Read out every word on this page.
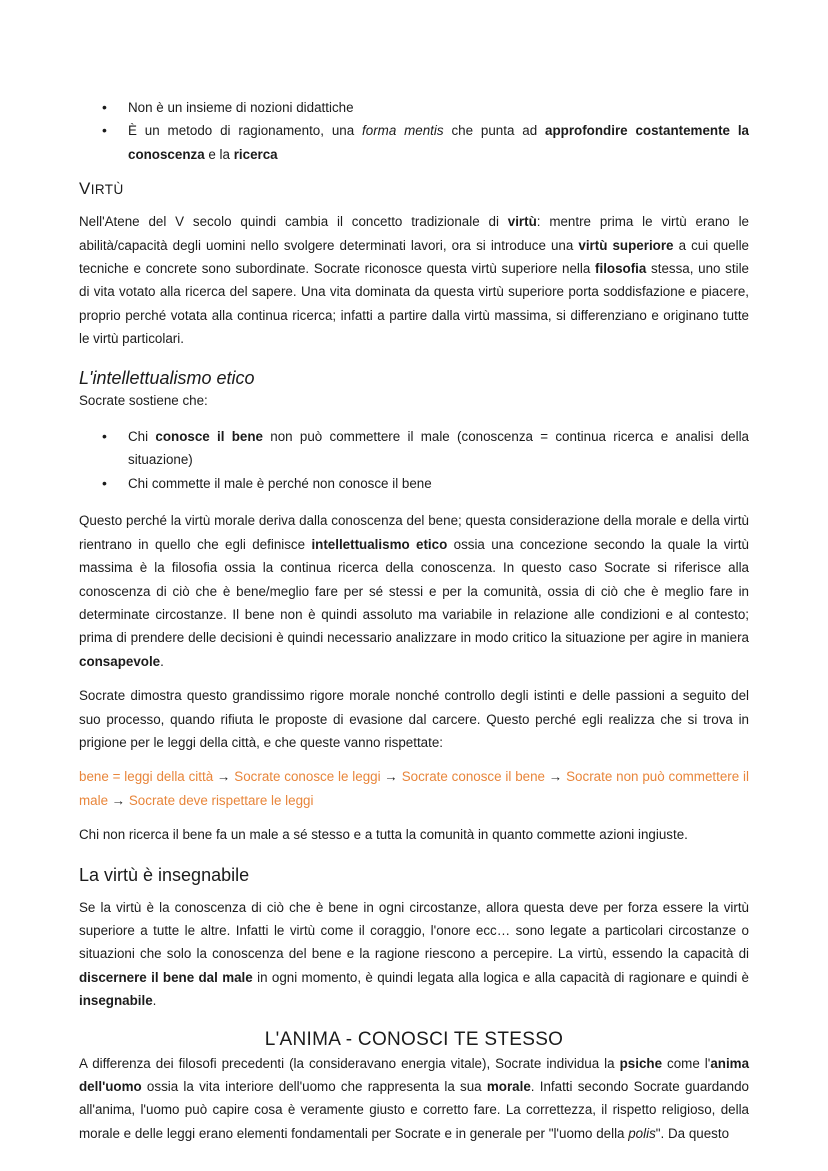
• Non è un insieme di nozioni didattiche
• È un metodo di ragionamento, una forma mentis che punta ad approfondire costantemente la conoscenza e la ricerca
VIRTÙ

Nell'Atene del V secolo quindi cambia il concetto tradizionale di virtù: mentre prima le virtù erano le abilità/capacità degli uomini nello svolgere determinati lavori, ora si introduce una virtù superiore a cui quelle tecniche e concrete sono subordinate. Socrate riconosce questa virtù superiore nella filosofia stessa, uno stile di vita votato alla ricerca del sapere. Una vita dominata da questa virtù superiore porta soddisfazione e piacere, proprio perché votata alla continua ricerca; infatti a partire dalla virtù massima, si differenziano e originano tutte le virtù particolari.

L'intellettualismo etico

Socrate sostiene che:

• Chi conosce il bene non può commettere il male (conoscenza = continua ricerca e analisi della situazione)
• Chi commette il male è perché non conosce il bene

Questo perché la virtù morale deriva dalla conoscenza del bene; questa considerazione della morale e della virtù rientrano in quello che egli definisce intellettualismo etico ossia una concezione secondo la quale la virtù massima è la filosofia ossia la continua ricerca della conoscenza. In questo caso Socrate si riferisce alla conoscenza di ciò che è bene/meglio fare per sé stessi e per la comunità, ossia di ciò che è meglio fare in determinate circostanze. Il bene non è quindi assoluto ma variabile in relazione alle condizioni e al contesto; prima di prendere delle decisioni è quindi necessario analizzare in modo critico la situazione per agire in maniera consapevole.

Socrate dimostra questo grandissimo rigore morale nonché controllo degli istinti e delle passioni a seguito del suo processo, quando rifiuta le proposte di evasione dal carcere. Questo perché egli realizza che si trova in prigione per le leggi della città, e che queste vanno rispettate:

bene = leggi della città → Socrate conosce le leggi → Socrate conosce il bene → Socrate non può commettere il male → Socrate deve rispettare le leggi

Chi non ricerca il bene fa un male a sé stesso e a tutta la comunità in quanto commette azioni ingiuste.

La virtù è insegnabile

Se la virtù è la conoscenza di ciò che è bene in ogni circostanze, allora questa deve per forza essere la virtù superiore a tutte le altre. Infatti le virtù come il coraggio, l'onore ecc… sono legate a particolari circostanze o situazioni che solo la conoscenza del bene e la ragione riescono a percepire. La virtù, essendo la capacità di discernere il bene dal male in ogni momento, è quindi legata alla logica e alla capacità di ragionare e quindi è insegnabile.

L'ANIMA - CONOSCI TE STESSO

A differenza dei filosofi precedenti (la consideravano energia vitale), Socrate individua la psiche come l'anima dell'uomo ossia la vita interiore dell'uomo che rappresenta la sua morale. Infatti secondo Socrate guardando all'anima, l'uomo può capire cosa è veramente giusto e corretto fare. La correttezza, il rispetto religioso, della morale e delle leggi erano elementi fondamentali per Socrate e in generale per "l'uomo della polis". Da questo
